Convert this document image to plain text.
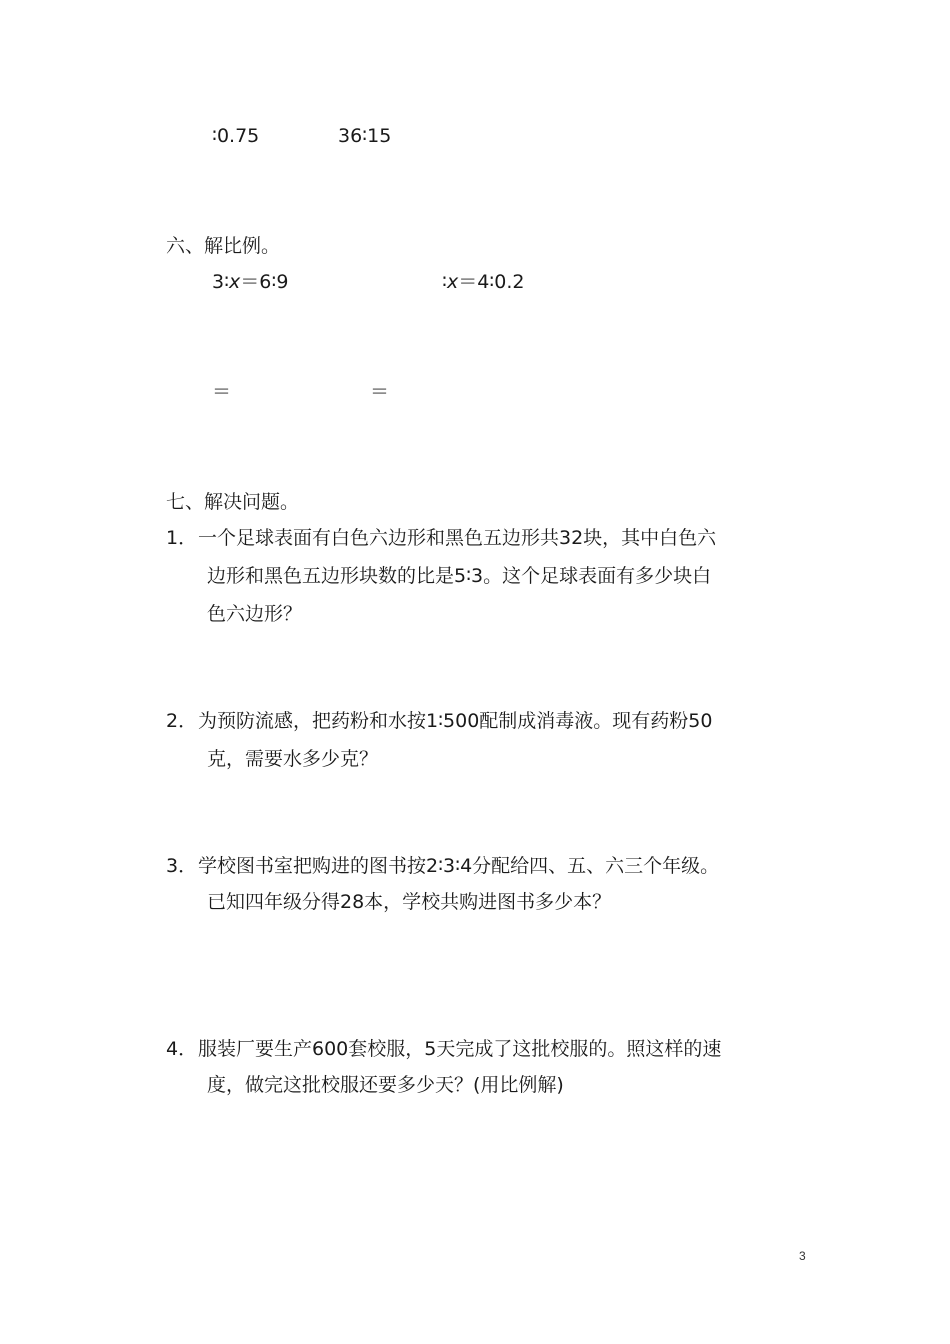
∶0.75	36∶15
六、解比例。
3∶x＝6∶9	∶x＝4∶0.2
＝	＝
七、解决问题。
1． 一个足球表面有白色六边形和黑色五边形共32块，其中白色六
边形和黑色五边形块数的比是5∶3。这个足球表面有多少块白
色六边形？
2． 为预防流感，把药粉和水按1∶500配制成消毒液。现有药粉50
克，需要水多少克？
3． 学校图书室把购进的图书按2∶3∶4分配给四、五、六三个年级。
已知四年级分得28本，学校共购进图书多少本？
4． 服装厂要生产600套校服，5天完成了这批校服的。照这样的速
度，做完这批校服还要多少天？(用比例解)
3
